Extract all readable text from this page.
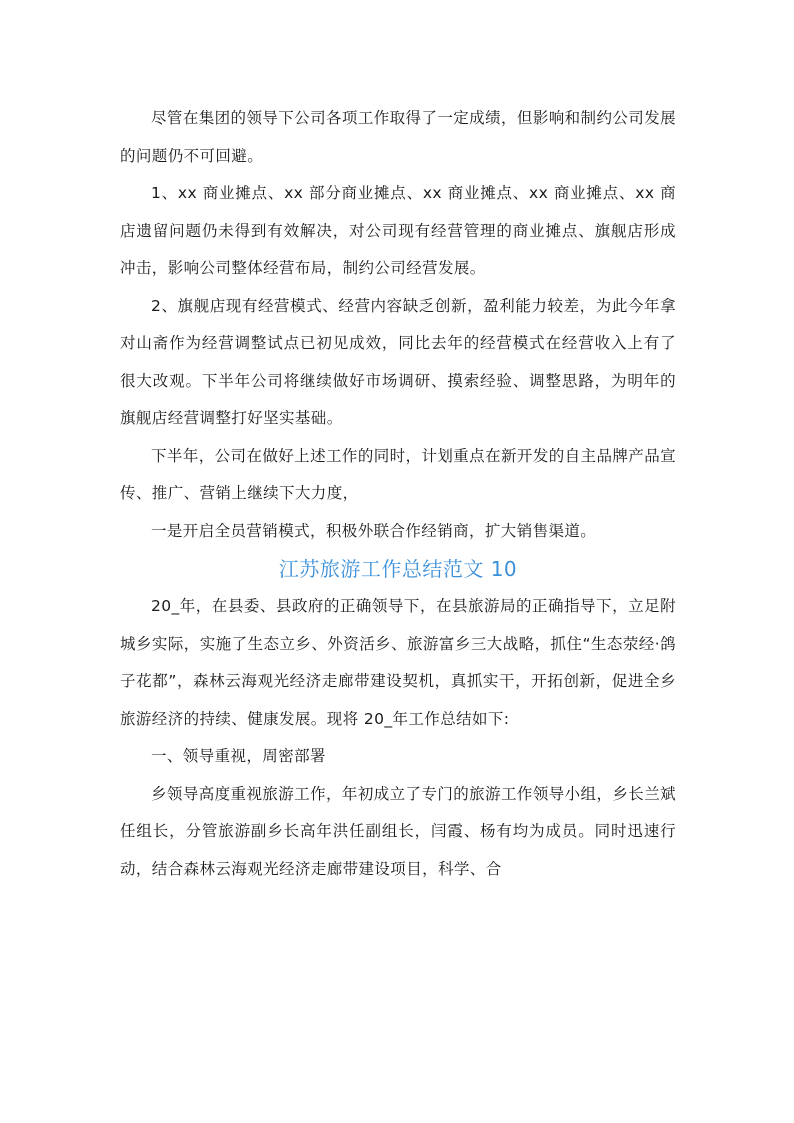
尽管在集团的领导下公司各项工作取得了一定成绩，但影响和制约公司发展的问题仍不可回避。

1、xx 商业摊点、xx 部分商业摊点、xx 商业摊点、xx 商业摊点、xx 商店遗留问题仍未得到有效解决，对公司现有经营管理的商业摊点、旗舰店形成冲击，影响公司整体经营布局，制约公司经营发展。

2、旗舰店现有经营模式、经营内容缺乏创新，盈利能力较差，为此今年拿对山斋作为经营调整试点已初见成效，同比去年的经营模式在经营收入上有了很大改观。下半年公司将继续做好市场调研、摸索经验、调整思路，为明年的旗舰店经营调整打好坚实基础。

下半年，公司在做好上述工作的同时，计划重点在新开发的自主品牌产品宣传、推广、营销上继续下大力度，

一是开启全员营销模式，积极外联合作经销商，扩大销售渠道。

江苏旅游工作总结范文 10

20_年，在县委、县政府的正确领导下，在县旅游局的正确指导下，立足附城乡实际，实施了生态立乡、外资活乡、旅游富乡三大战略，抓住“生态荥经·鸽子花都”，森林云海观光经济走廊带建设契机，真抓实干，开拓创新，促进全乡旅游经济的持续、健康发展。现将 20_年工作总结如下:

一、领导重视，周密部署

乡领导高度重视旅游工作，年初成立了专门的旅游工作领导小组，乡长兰斌任组长，分管旅游副乡长高年洪任副组长，闫霞、杨有均为成员。同时迅速行动，结合森林云海观光经济走廊带建设项目，科学、合
